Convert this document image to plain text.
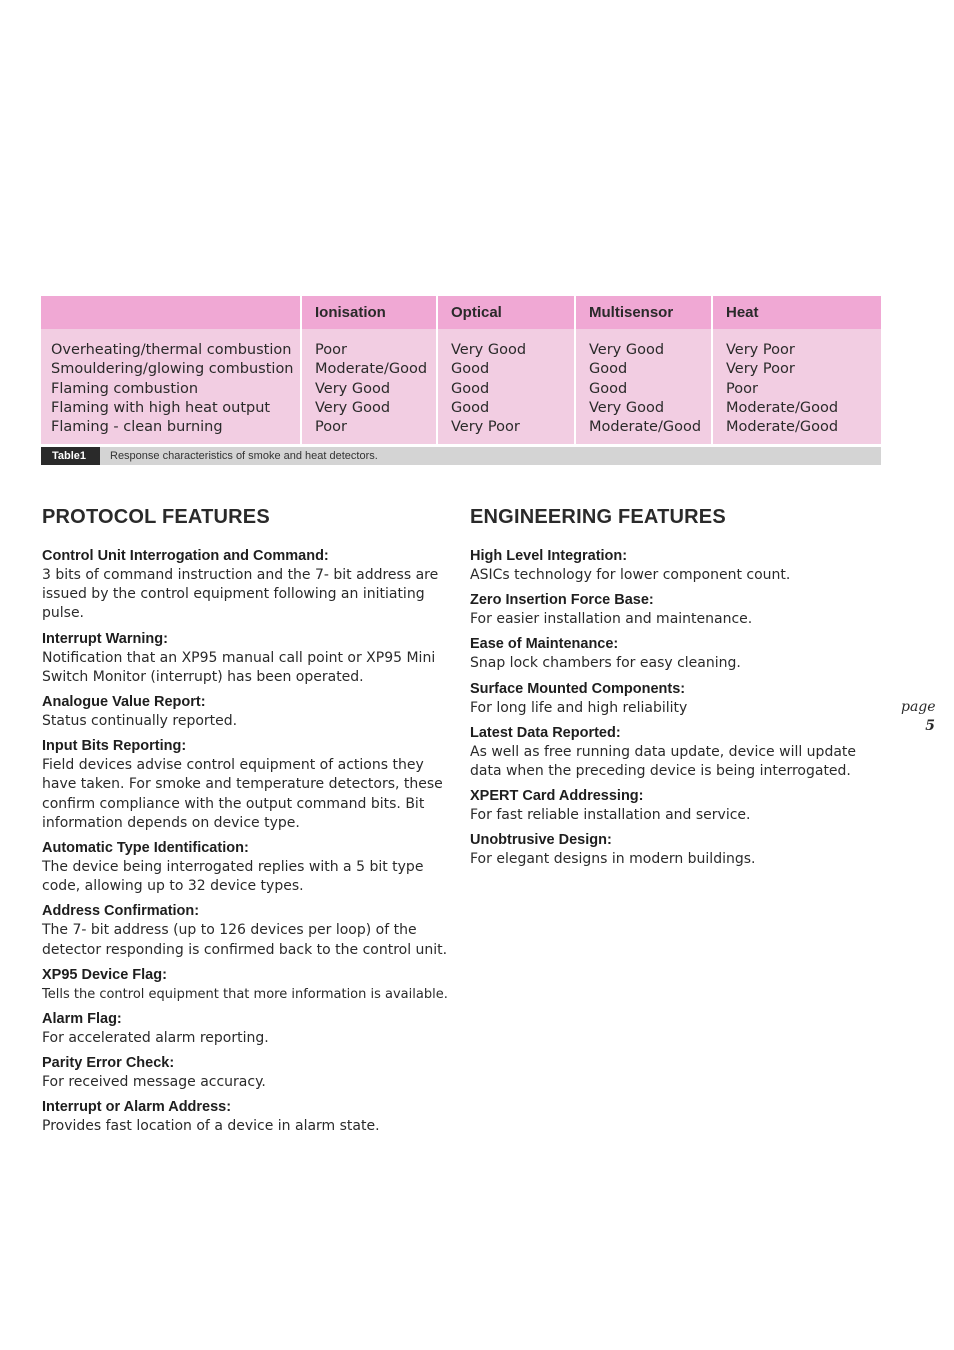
Overheating/thermal combustion
Smouldering/glowing combustion
Flaming combustion
Flaming with high heat output
Flaming - clean burning
Ionisation
Poor
Moderate/Good
Very Good
Very Good
Poor
Optical
Very Good
Good
Good
Good
Very Poor
Multisensor
Very Good
Good
Good
Very Good
Moderate/Good
Heat
Very Poor
Very Poor
Poor
Moderate/Good
Moderate/Good
Table1	Response characteristics of smoke and heat detectors.
PROTOCOL FEATURES
Control Unit Interrogation and Command:
3 bits of command instruction and the 7- bit address are issued by the control equipment following an initiating pulse.
Interrupt Warning:
Notification that an XP95 manual call point or XP95 Mini Switch Monitor (interrupt) has been operated.
Analogue Value Report:
Status continually reported.
Input Bits Reporting:
Field devices advise control equipment of actions they have taken. For smoke and temperature detectors, these confirm compliance with the output command bits. Bit information depends on device type.
Automatic Type Identification:
The device being interrogated replies with a 5 bit type code, allowing up to 32 device types.
Address Confirmation:
The 7- bit address (up to 126 devices per loop) of the detector responding is confirmed back to the control unit.
XP95 Device Flag:
Tells the control equipment that more information is available.
Alarm Flag:
For accelerated alarm reporting.
Parity Error Check:
For received message accuracy.
Interrupt or Alarm Address:
Provides fast location of a device in alarm state.
ENGINEERING FEATURES
High Level Integration:
ASICs technology for lower component count.
Zero Insertion Force Base:
For easier installation and maintenance.
Ease of Maintenance:
Snap lock chambers for easy cleaning.
Surface Mounted Components:
For long life and high reliability
Latest Data Reported:
As well as free running data update, device will update data when the preceding device is being interrogated.
XPERT Card Addressing:
For fast reliable installation and service.
Unobtrusive Design:
For elegant designs in modern buildings.
page
5
